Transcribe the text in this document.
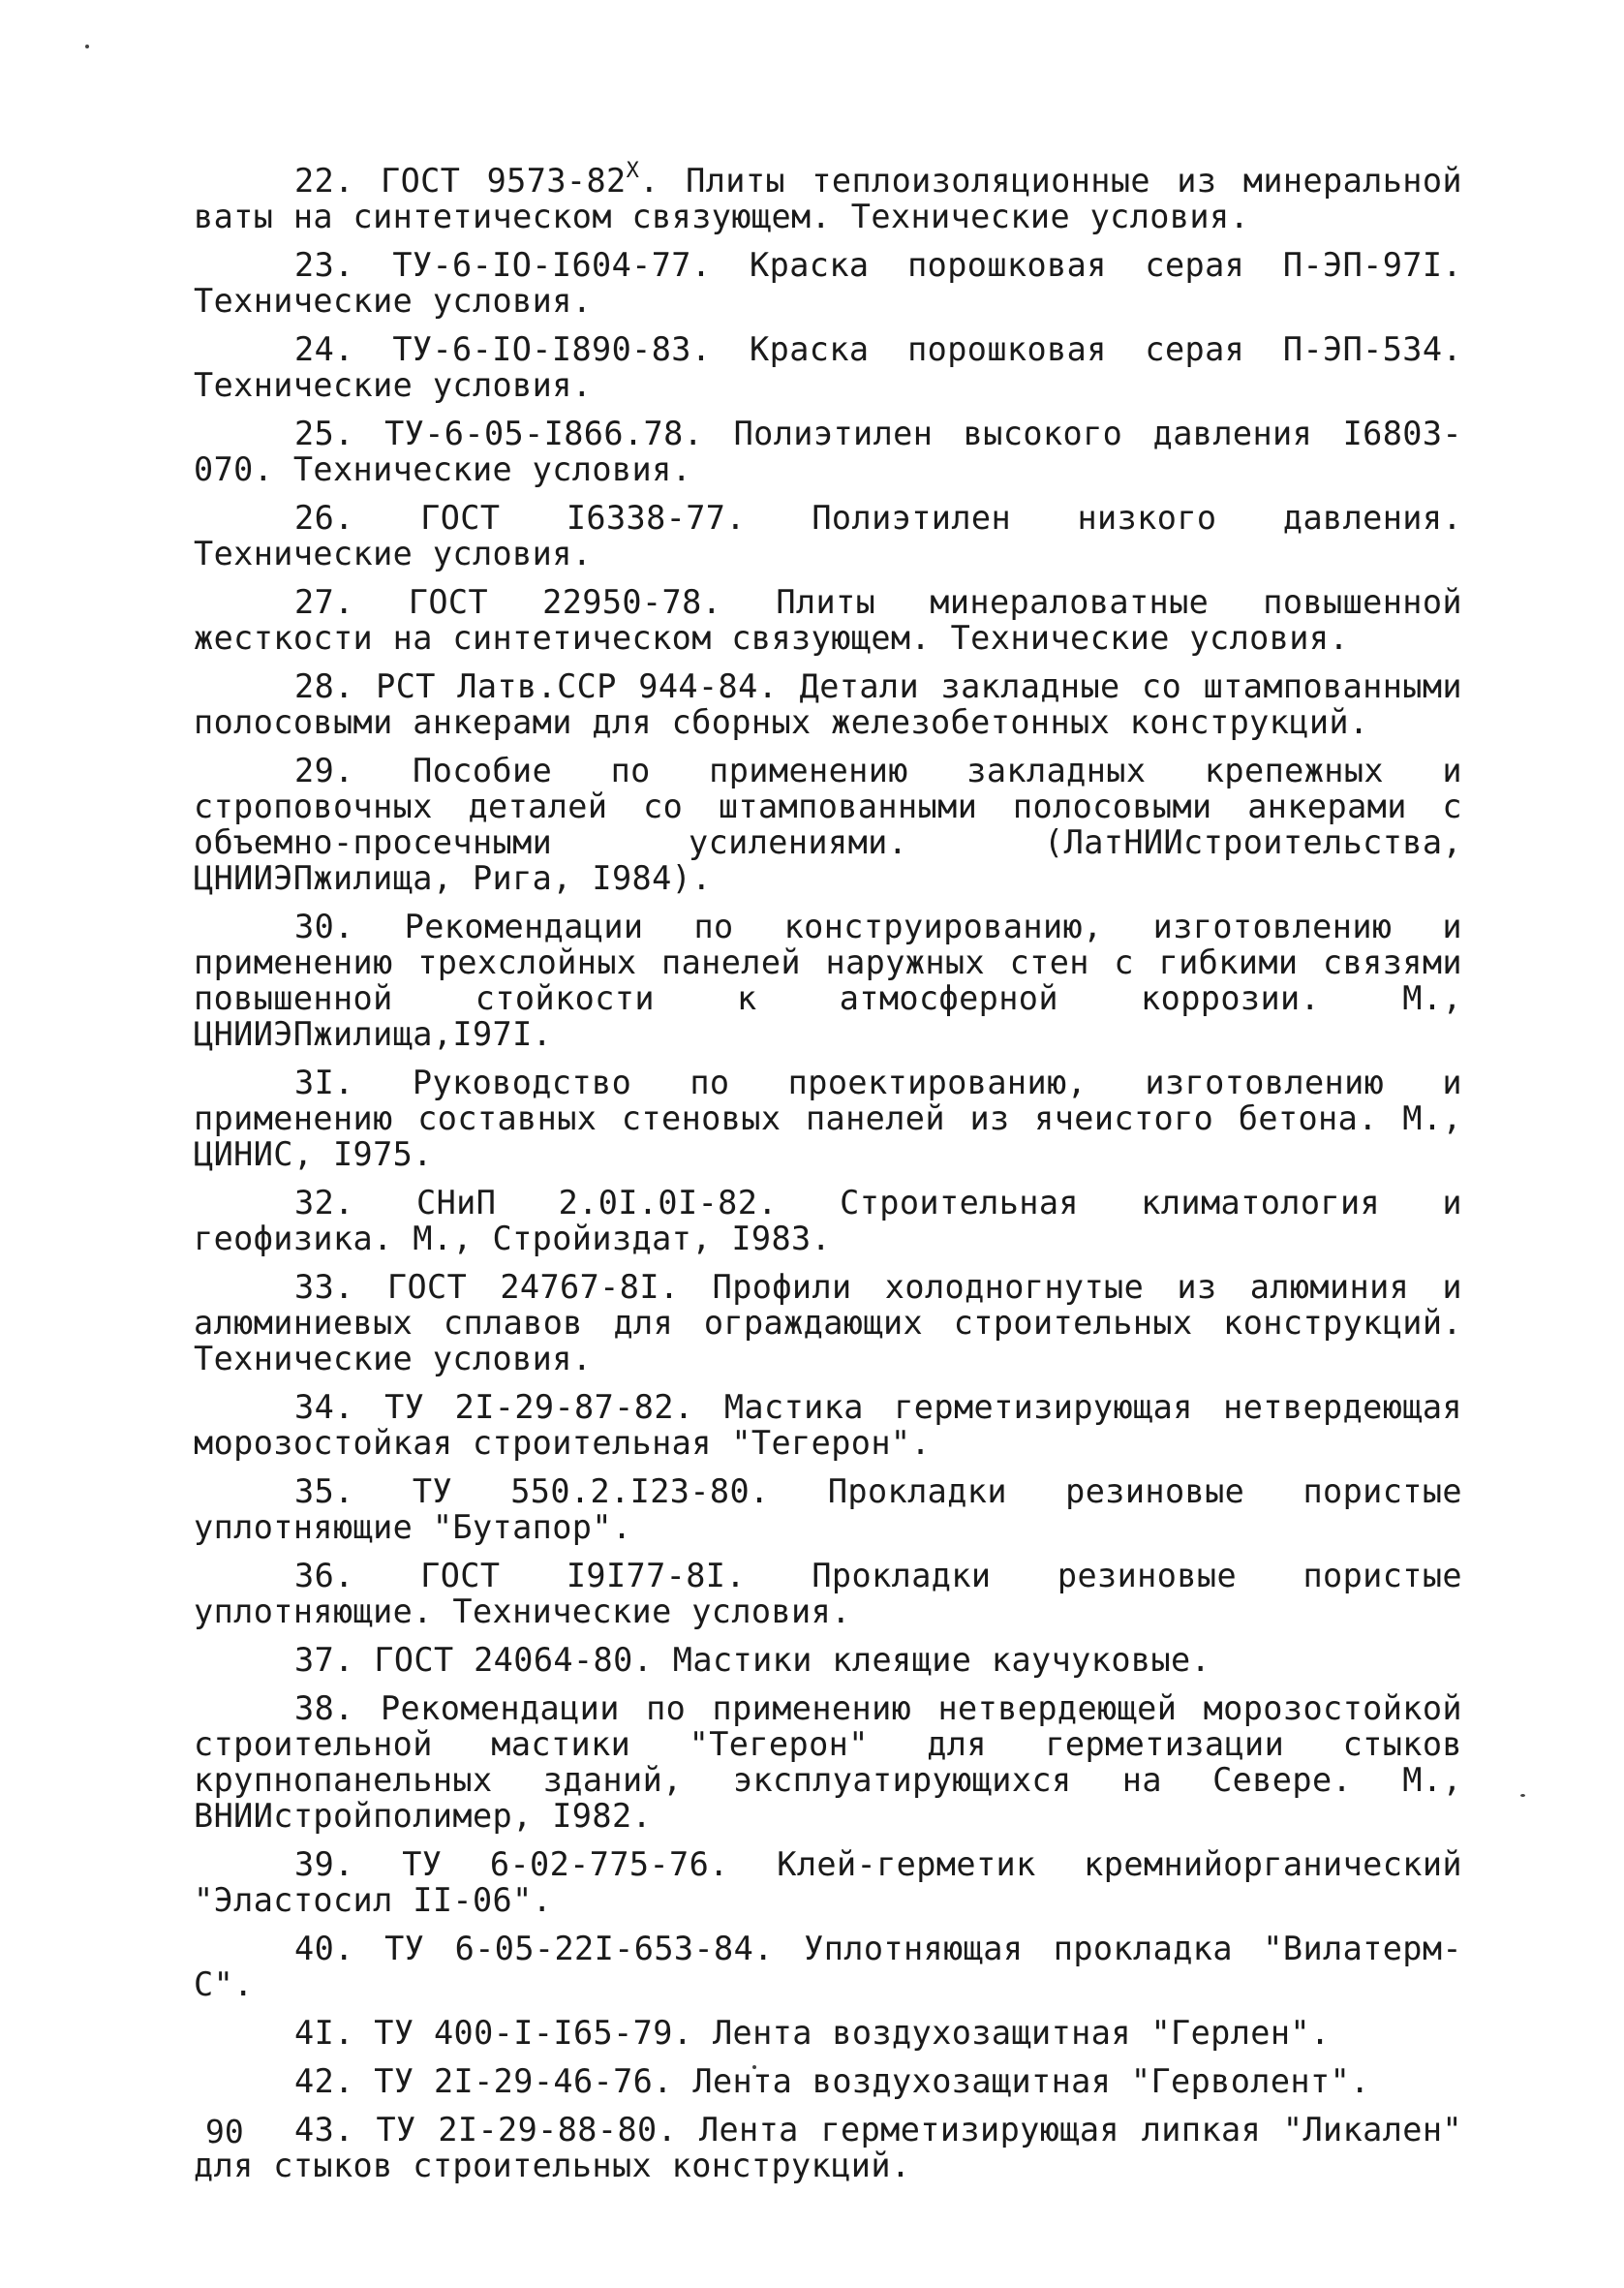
22. ГОСТ $9573-82^Х$. Плиты теплоизоляционные из минеральной ваты на синтетическом связующем. Технические условия.

23. ТУ-6-IO-I604-77. Краска порошковая серая П-ЭП-97I. Технические условия.

24. ТУ-6-IO-I890-83. Краска порошковая серая П-ЭП-534. Технические условия.

25. ТУ-6-05-I866.78. Полиэтилен высокого давления I6803-070. Технические условия.

26. ГОСТ I6338-77. Полиэтилен низкого давления. Технические условия.

27. ГОСТ 22950-78. Плиты минераловатные повышенной жесткости на синтетическом связующем. Технические условия.

28. РСТ Латв.ССР 944-84. Детали закладные со штампованными полосовыми анкерами для сборных железобетонных конструкций.

29. Пособие по применению закладных крепежных и строповочных деталей со штампованными полосовыми анкерами с объемно-просечными усилениями. (ЛатНИИстроительства, ЦНИИЭПжилища, Рига, I984).

30. Рекомендации по конструированию, изготовлению и применению трехслойных панелей наружных стен с гибкими связями повышенной стойкости к атмосферной коррозии. М., ЦНИИЭПжилища,I97I.

3I. Руководство по проектированию, изготовлению и применению составных стеновых панелей из ячеистого бетона. М., ЦИНИС, I975.

32. СНиП 2.0I.0I-82. Строительная климатология и геофизика. М., Стройиздат, I983.

33. ГОСТ 24767-8I. Профили холодногнутые из алюминия и алюминиевых сплавов для ограждающих строительных конструкций. Технические условия.

34. ТУ 2I-29-87-82. Мастика герметизирующая нетвердеющая морозостойкая строительная "Тегерон".

35. ТУ 550.2.I23-80. Прокладки резиновые пористые уплотняющие "Бутапор".

36. ГОСТ I9I77-8I. Прокладки резиновые пористые уплотняющие. Технические условия.

37. ГОСТ 24064-80. Мастики клеящие каучуковые.

38. Рекомендации по применению нетвердеющей морозостойкой строительной мастики "Тегерон" для герметизации стыков крупнопанельных зданий, эксплуатирующихся на Севере. М., ВНИИстройполимер, I982.

39. ТУ 6-02-775-76. Клей-герметик кремнийорганический "Эластосил II-06".

40. ТУ 6-05-22I-653-84. Уплотняющая прокладка "Вилатерм-С".

4I. ТУ 400-I-I65-79. Лента воздухозащитная "Герлен".

42. ТУ 2I-29-46-76. Лента воздухозащитная "Герволент".

43. ТУ 2I-29-88-80. Лента герметизирующая липкая "Ликален" для стыков строительных конструкций.

90
